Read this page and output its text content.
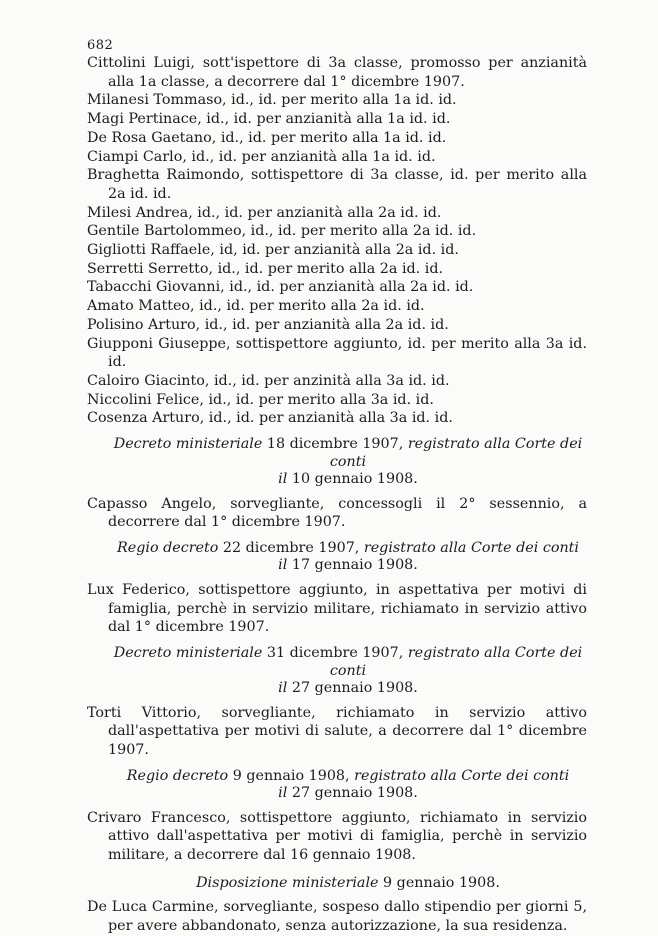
682
Cittolini Luigi, sott'ispettore di 3a classe, promosso per anzianità alla 1a classe, a decorrere dal 1° dicembre 1907.
Milanesi Tommaso, id., id. per merito alla 1a id. id.
Magi Pertinace, id., id. per anzianità alla 1a id. id.
De Rosa Gaetano, id., id. per merito alla 1a id. id.
Ciampi Carlo, id., id. per anzianità alla 1a id. id.
Braghetta Raimondo, sottispettore di 3a classe, id. per merito alla 2a id. id.
Milesi Andrea, id., id. per anzianità alla 2a id. id.
Gentile Bartolommeo, id., id. per merito alla 2a id. id.
Gigliotti Raffaele, id, id. per anzianità alla 2a id. id.
Serretti Serretto, id., id. per merito alla 2a id. id.
Tabacchi Giovanni, id., id. per anzianità alla 2a id. id.
Amato Matteo, id., id. per merito alla 2a id. id.
Polisino Arturo, id., id. per anzianità alla 2a id. id.
Giupponi Giuseppe, sottispettore aggiunto, id. per merito alla 3a id. id.
Caloiro Giacinto, id., id. per anzinità alla 3a id. id.
Niccolini Felice, id., id. per merito alla 3a id. id.
Cosenza Arturo, id., id. per anzianità alla 3a id. id.
Decreto ministeriale 18 dicembre 1907, registrato alla Corte dei conti
il 10 gennaio 1908.
Capasso Angelo, sorvegliante, concessogli il 2° sessennio, a decorrere dal 1° dicembre 1907.
Regio decreto 22 dicembre 1907, registrato alla Corte dei conti
il 17 gennaio 1908.
Lux Federico, sottispettore aggiunto, in aspettativa per motivi di famiglia, perchè in servizio militare, richiamato in servizio attivo dal 1° dicembre 1907.
Decreto ministeriale 31 dicembre 1907, registrato alla Corte dei conti
il 27 gennaio 1908.
Torti Vittorio, sorvegliante, richiamato in servizio attivo dall'aspettativa per motivi di salute, a decorrere dal 1° dicembre 1907.
Regio decreto 9 gennaio 1908, registrato alla Corte dei conti
il 27 gennaio 1908.
Crivaro Francesco, sottispettore aggiunto, richiamato in servizio attivo dall'aspettativa per motivi di famiglia, perchè in servizio militare, a decorrere dal 16 gennaio 1908.
Disposizione ministeriale 9 gennaio 1908.
De Luca Carmine, sorvegliante, sospeso dallo stipendio per giorni 5, per avere abbandonato, senza autorizzazione, la sua residenza.
